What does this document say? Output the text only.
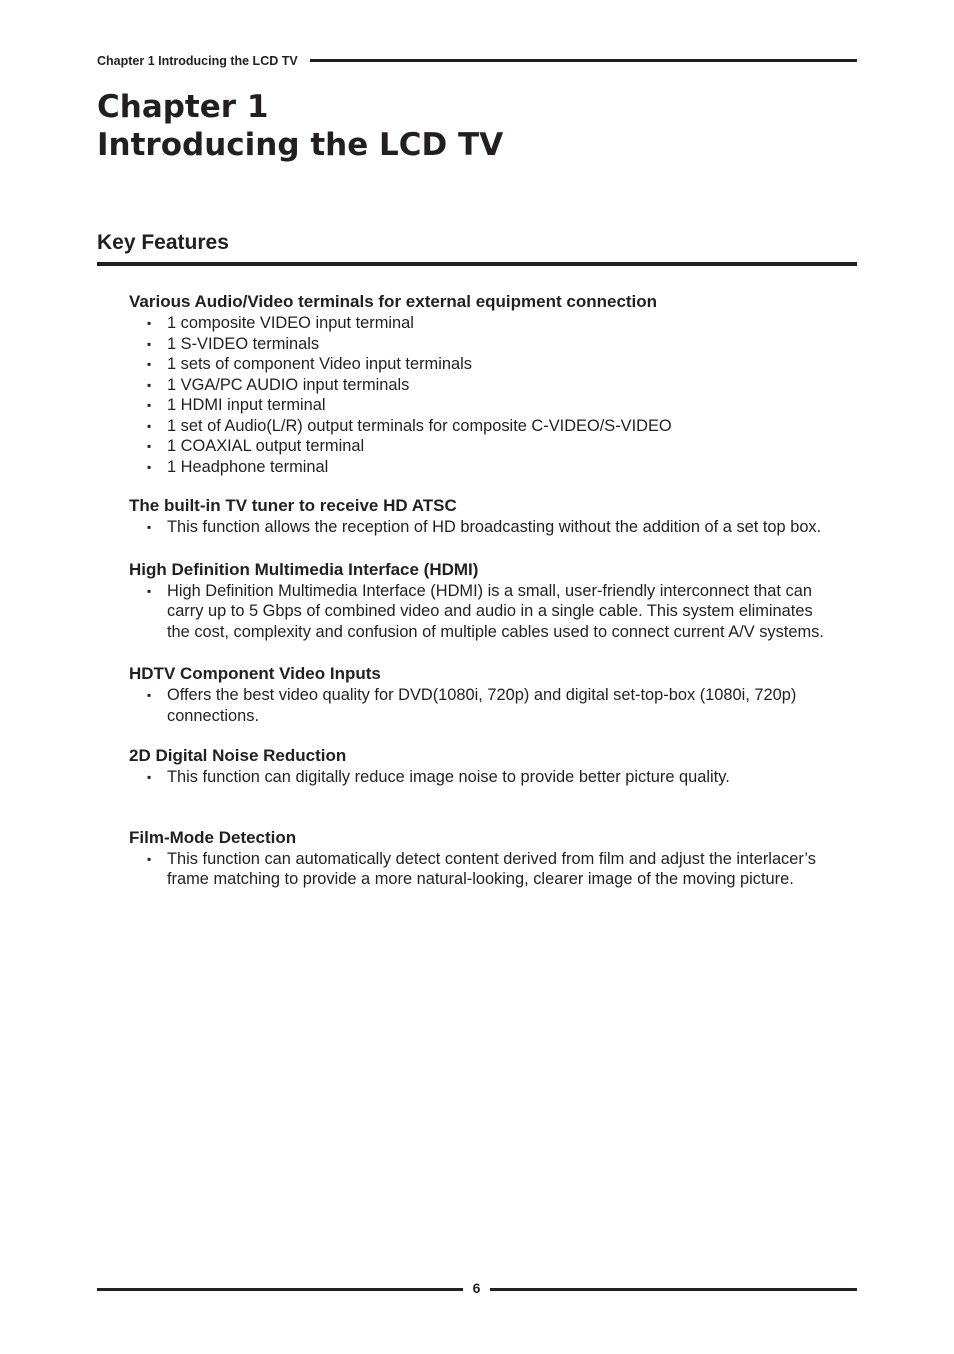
Chapter 1 Introducing the LCD TV
Chapter 1
Introducing the LCD TV
Key Features
Various Audio/Video terminals for external equipment connection
▪ 1 composite VIDEO input terminal
▪ 1 S-VIDEO terminals
▪ 1 sets of component Video input terminals
▪ 1 VGA/PC AUDIO input terminals
▪ 1 HDMI input terminal
▪ 1 set of Audio(L/R) output terminals for composite C-VIDEO/S-VIDEO
▪ 1 COAXIAL output terminal
▪ 1 Headphone terminal
The built-in TV tuner to receive HD ATSC
▪ This function allows the reception of HD broadcasting without the addition of a set top box.
High Definition Multimedia Interface (HDMI)
▪ High Definition Multimedia Interface (HDMI) is a small, user-friendly interconnect that can carry up to 5 Gbps of combined video and audio in a single cable. This system eliminates the cost, complexity and confusion of multiple cables used to connect current A/V systems.
HDTV Component Video Inputs
▪ Offers the best video quality for DVD(1080i, 720p) and digital set-top-box (1080i, 720p) connections.
2D Digital Noise Reduction
▪ This function can digitally reduce image noise to provide better picture quality.
Film-Mode Detection
▪ This function can automatically detect content derived from film and adjust the interlacer’s frame matching to provide a more natural-looking, clearer image of the moving picture.
6
